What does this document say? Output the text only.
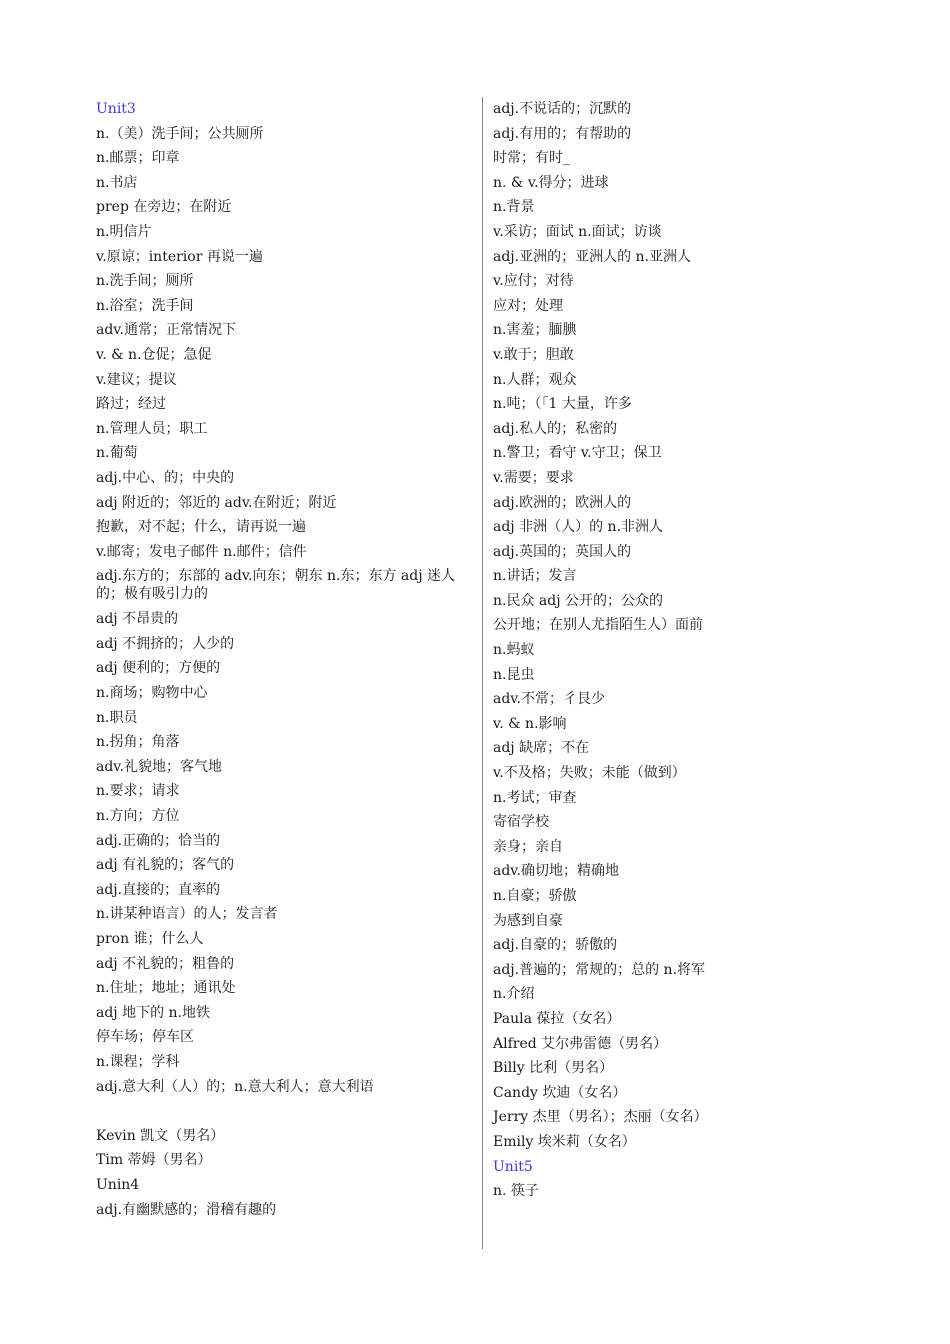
Unit3
n.（美）洗手间；公共厕所
n.邮票；印章
n.书店
prep 在旁边；在附近
n.明信片
v.原谅；interior 再说一遍
n.洗手间；厕所
n.浴室；洗手间
adv.通常；正常情况下
v. & n.仓促；急促
v.建议；提议
路过；经过
n.管理人员；职工
n.葡萄
adj.中心、的；中央的
adj 附近的；邻近的 adv.在附近；附近
抱歉，对不起；什么，请再说一遍
v.邮寄；发电子邮件 n.邮件；信件
adj.东方的；东部的 adv.向东；朝东 n.东；东方 adj 迷人的；极有吸引力的
adj 不昂贵的
adj 不拥挤的；人少的
adj 便利的；方便的
n.商场；购物中心
n.职员
n.拐角；角落
adv.礼貌地；客气地
n.要求；请求
n.方向；方位
adj.正确的；恰当的
adj 有礼貌的；客气的
adj.直接的；直率的
n.讲某种语言）的人；发言者
pron 谁；什么人
adj 不礼貌的；粗鲁的
n.住址；地址；通讯处
adj 地下的 n.地铁
停车场；停车区
n.课程；学科
adj.意大利（人）的；n.意大利人；意大利语
Kevin 凯文（男名）
Tim 蒂姆（男名）
Unin4
adj.有幽默感的；滑稽有趣的
adj.不说话的；沉默的
adj.有用的；有帮助的
时常；有时_
n. & v.得分；进球
n.背景
v.采访；面试 n.面试；访谈
adj.亚洲的；亚洲人的 n.亚洲人
v.应付；对待
应对；处理
n.害羞；腼腆
v.敢于；胆敢
n.人群；观众
n.吨；（「1 大量，许多
adj.私人的；私密的
n.警卫；看守 v.守卫；保卫
v.需要；要求
adj.欧洲的；欧洲人的
adj 非洲（人）的 n.非洲人
adj.英国的；英国人的
n.讲话；发言
n.民众 adj 公开的；公众的
公开地；在别人尤指陌生人）面前
n.蚂蚁
n.昆虫
adv.不常；彳艮少
v. & n.影响
adj 缺席；不在
v.不及格；失败；未能（做到）
n.考试；审查
寄宿学校
亲身；亲自
adv.确切地；精确地
n.自豪；骄傲
为感到自豪
adj.自豪的；骄傲的
adj.普遍的；常规的；总的 n.将军
n.介绍
Paula 葆拉（女名）
Alfred 艾尔弗雷德（男名）
Billy 比利（男名）
Candy 坎迪（女名）
Jerry 杰里（男名）；杰丽（女名）
Emily 埃米莉（女名）
Unit5
n. 筷子
